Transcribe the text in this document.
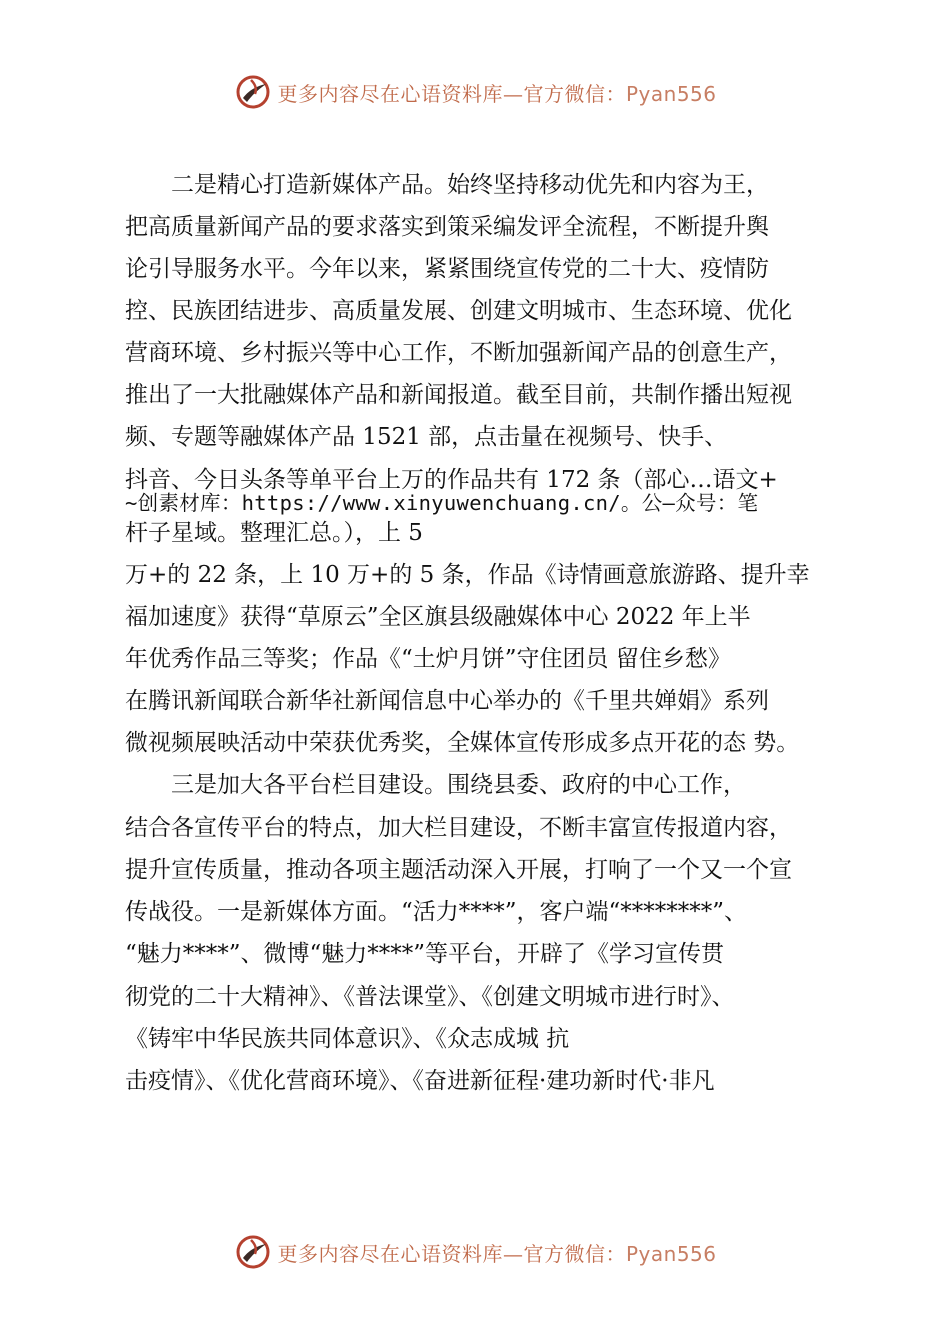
更多内容尽在心语资料库—官方微信：Pyan556
　　二是精心打造新媒体产品。始终坚持移动优先和内容为王，
把高质量新闻产品的要求落实到策采编发评全流程，不断提升舆
论引导服务水平。今年以来，紧紧围绕宣传党的二十大、疫情防
控、民族团结进步、高质量发展、创建文明城市、生态环境、优化
营商环境、乡村振兴等中心工作，不断加强新闻产品的创意生产，
推出了一大批融媒体产品和新闻报道。截至目前，共制作播出短视
频、专题等融媒体产品 1521 部，点击量在视频号、快手、
抖音、今日头条等单平台上万的作品共有 172 条（部心…语文+
~创素材库：https://www.xinyuwenchuang.cn/。公—众号：笔
杆子星域。整理汇总。），上 5
万+的 22 条，上 10 万+的 5 条，作品《诗情画意旅游路、提升幸
福加速度》获得“草原云”全区旗县级融媒体中心 2022 年上半
年优秀作品三等奖；作品《“土炉月饼”守住团员 留住乡愁》
在腾讯新闻联合新华社新闻信息中心举办的《千里共婵娟》系列
微视频展映活动中荣获优秀奖，全媒体宣传形成多点开花的态 势。
　　三是加大各平台栏目建设。围绕县委、政府的中心工作，
结合各宣传平台的特点，加大栏目建设，不断丰富宣传报道内容，
提升宣传质量，推动各项主题活动深入开展，打响了一个又一个宣
传战役。一是新媒体方面。“活力****”，客户端“********”、
“魅力****”、微博“魅力****”等平台，开辟了《学习宣传贯
彻党的二十大精神》、《普法课堂》、《创建文明城市进行时》、
《铸牢中华民族共同体意识》、《众志成城 抗
击疫情》、《优化营商环境》、《奋进新征程·建功新时代·非凡
更多内容尽在心语资料库—官方微信：Pyan556
